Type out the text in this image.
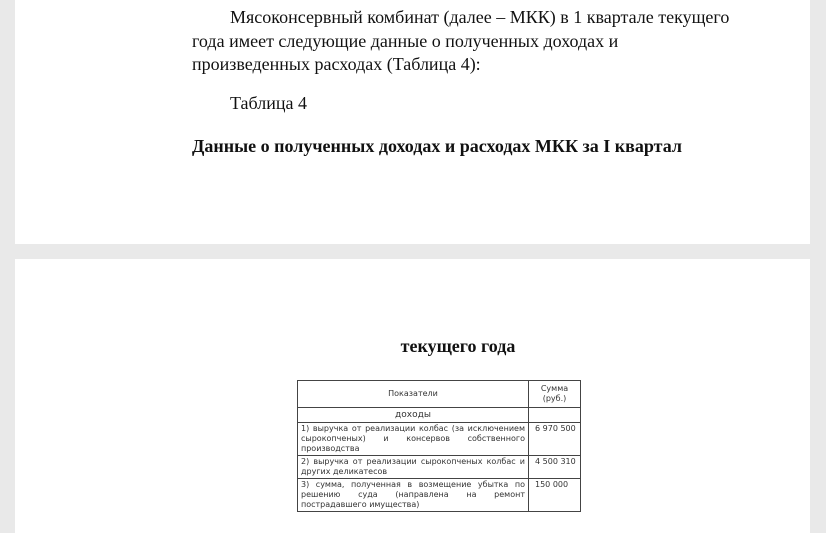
Мясоконсервный комбинат (далее – МКК) в 1 квартале текущего года имеет следующие данные о полученных доходах и произведенных расходах (Таблица 4):

Таблица 4

Данные о полученных доходах и расходах МКК за I квартал

текущего года
Показатели	Сумма (руб.)
доходы	
1) выручка от реализации колбас (за исключением сырокопченых) и консервов собственного производства	6 970 500
2) выручка от реализации сырокопченых колбас и других деликатесов	4 500 310
3) сумма, полученная в возмещение убытка по решению суда (направлена на ремонт пострадавшего имущества)	150 000
